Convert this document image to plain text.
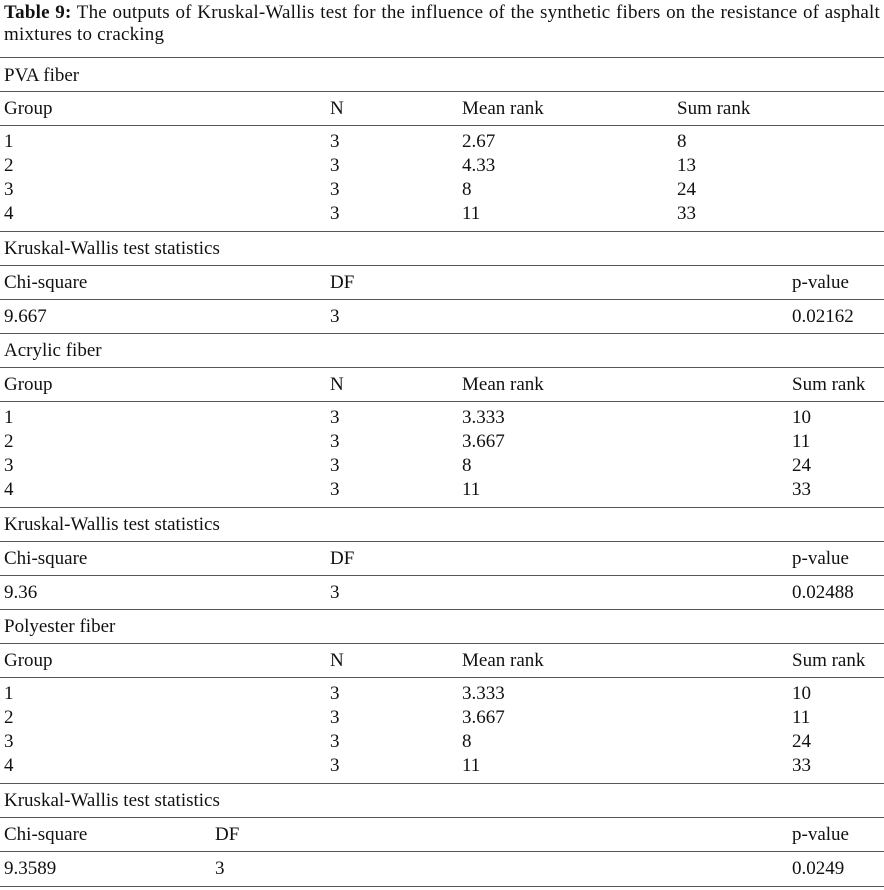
Table 9: The outputs of Kruskal-Wallis test for the influence of the synthetic fibers on the resistance of asphalt mixtures to cracking
PVA fiber
Group	N	Mean rank	Sum rank
1	3	2.67	8
2	3	4.33	13
3	3	8	24
4	3	11	33
Kruskal-Wallis test statistics
Chi-square	DF	p-value
9.667	3	0.02162
Acrylic fiber
Group	N	Mean rank	Sum rank
1	3	3.333	10
2	3	3.667	11
3	3	8	24
4	3	11	33
Kruskal-Wallis test statistics
Chi-square	DF	p-value
9.36	3	0.02488
Polyester fiber
Group	N	Mean rank	Sum rank
1	3	3.333	10
2	3	3.667	11
3	3	8	24
4	3	11	33
Kruskal-Wallis test statistics
Chi-square	DF	p-value
9.3589	3	0.0249
